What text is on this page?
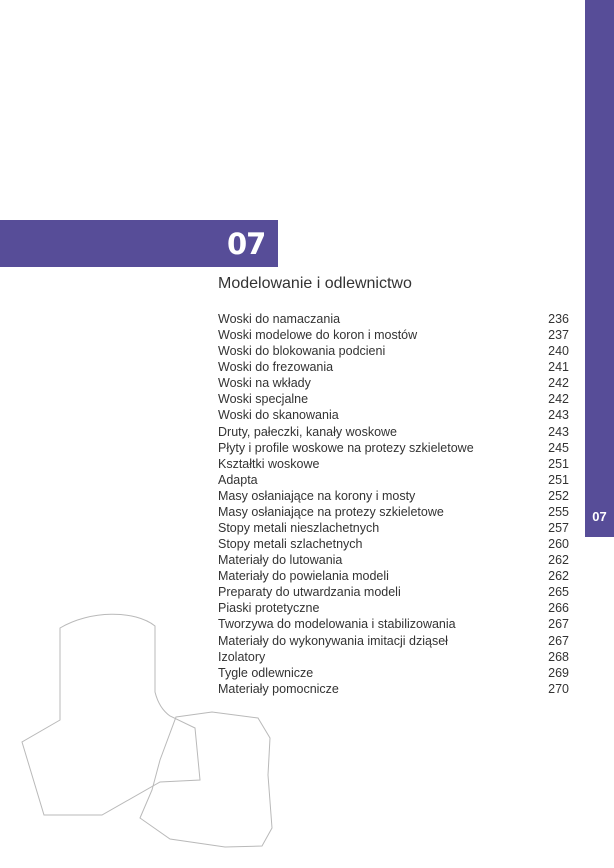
07
07
Modelowanie i odlewnictwo
Woski do namaczania	236
Woski modelowe do koron i mostów	237
Woski do blokowania podcieni	240
Woski do frezowania	241
Woski na wkłady	242
Woski specjalne	242
Woski do skanowania	243
Druty, pałeczki, kanały woskowe	243
Płyty i profile woskowe na protezy szkieletowe	245
Kształtki woskowe	251
Adapta	251
Masy osłaniające na korony i mosty	252
Masy osłaniające na protezy szkieletowe	255
Stopy metali nieszlachetnych	257
Stopy metali szlachetnych	260
Materiały do lutowania	262
Materiały do powielania modeli	262
Preparaty do utwardzania modeli	265
Piaski protetyczne	266
Tworzywa do modelowania i stabilizowania	267
Materiały do wykonywania imitacji dziąseł	267
Izolatory	268
Tygle odlewnicze	269
Materiały pomocnicze	270
